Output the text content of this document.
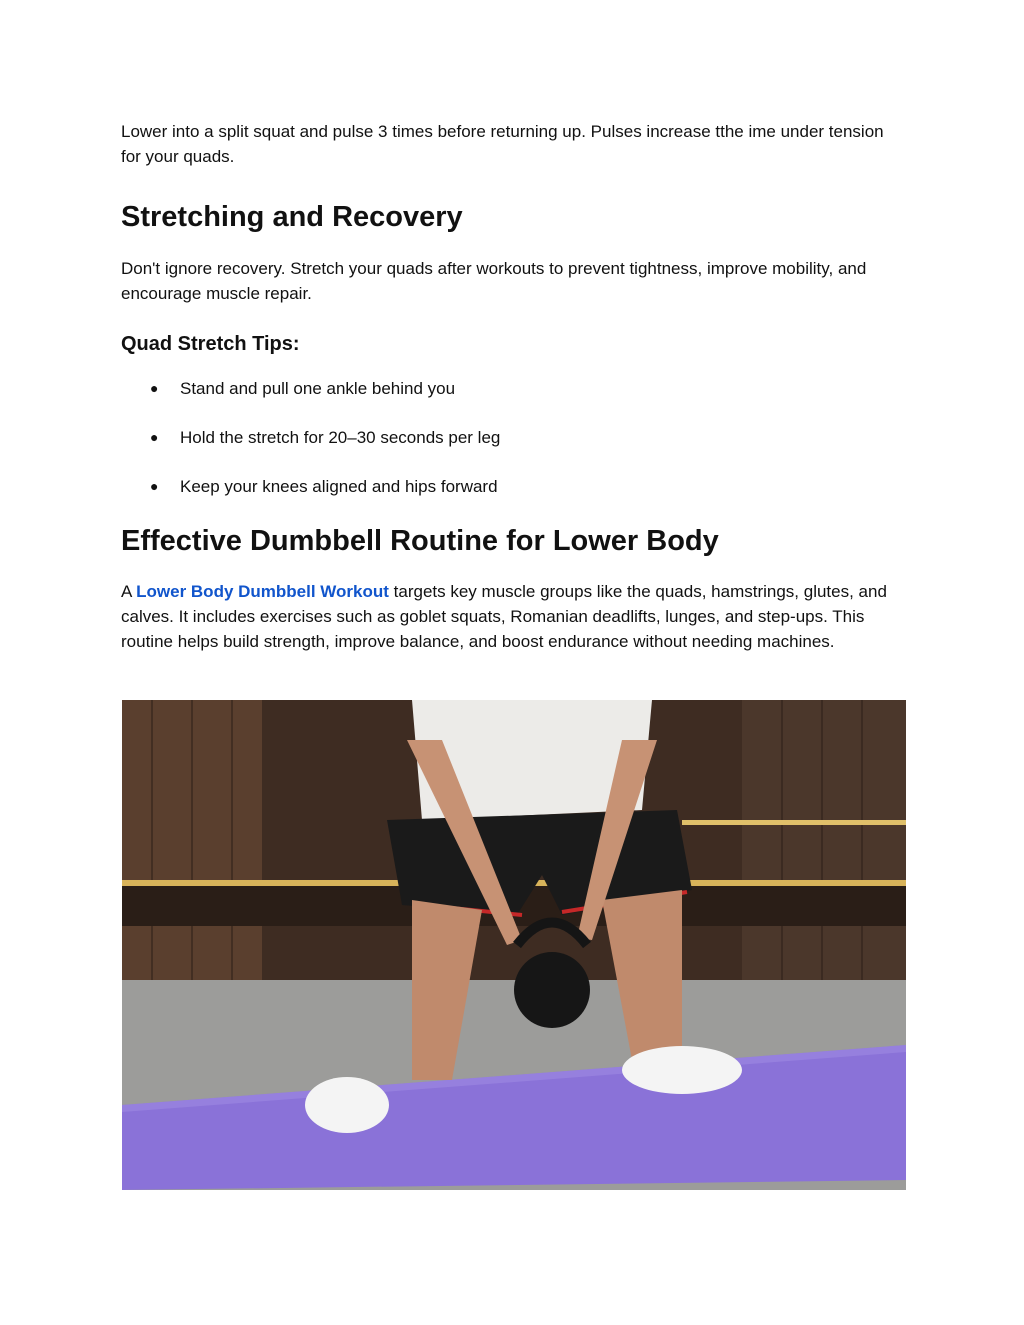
Lower into a split squat and pulse 3 times before returning up. Pulses increase tthe ime under tension for your quads.

Stretching and Recovery

Don't ignore recovery. Stretch your quads after workouts to prevent tightness, improve mobility, and encourage muscle repair.

Quad Stretch Tips:
● Stand and pull one ankle behind you
● Hold the stretch for 20–30 seconds per leg
● Keep your knees aligned and hips forward
Effective Dumbbell Routine for Lower Body

A Lower Body Dumbbell Workout targets key muscle groups like the quads, hamstrings, glutes, and calves. It includes exercises such as goblet squats, Romanian deadlifts, lunges, and step-ups. This routine helps build strength, improve balance, and boost endurance without needing machines.
